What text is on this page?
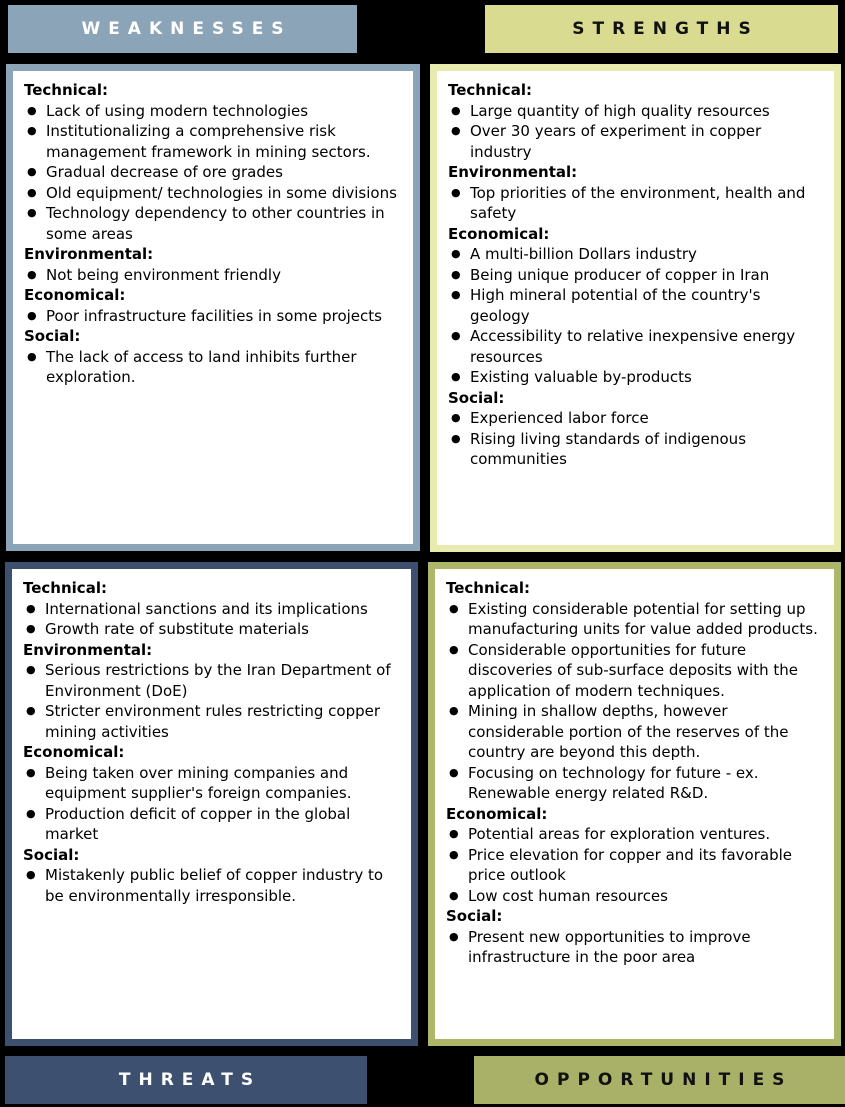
WEAKNESSES	STRENGTHS
Technical:
● Lack of using modern technologies
● Institutionalizing a comprehensive risk management framework in mining sectors.
● Gradual decrease of ore grades
● Old equipment/ technologies in some divisions
● Technology dependency to other countries in some areas
Environmental:
● Not being environment friendly
Economical:
● Poor infrastructure facilities in some projects
Social:
● The lack of access to land inhibits further exploration.
Technical:
● Large quantity of high quality resources
● Over 30 years of experiment in copper industry
Environmental:
● Top priorities of the environment, health and safety
Economical:
● A multi-billion Dollars industry
● Being unique producer of copper in Iran
● High mineral potential of the country's geology
● Accessibility to relative inexpensive energy resources
● Existing valuable by-products
Social:
● Experienced labor force
● Rising living standards of indigenous communities
Technical:
● International sanctions and its implications
● Growth rate of substitute materials
Environmental:
● Serious restrictions by the Iran Department of Environment (DoE)
● Stricter environment rules restricting copper mining activities
Economical:
● Being taken over mining companies and equipment supplier's foreign companies.
● Production deficit of copper in the global market
Social:
● Mistakenly public belief of copper industry to be environmentally irresponsible.
Technical:
● Existing considerable potential for setting up manufacturing units for value added products.
● Considerable opportunities for future discoveries of sub-surface deposits with the application of modern techniques.
● Mining in shallow depths, however considerable portion of the reserves of the country are beyond this depth.
● Focusing on technology for future - ex. Renewable energy related R&D.
Economical:
● Potential areas for exploration ventures.
● Price elevation for copper and its favorable price outlook
● Low cost human resources
Social:
● Present new opportunities to improve infrastructure in the poor area
THREATS	OPPORTUNITIES
